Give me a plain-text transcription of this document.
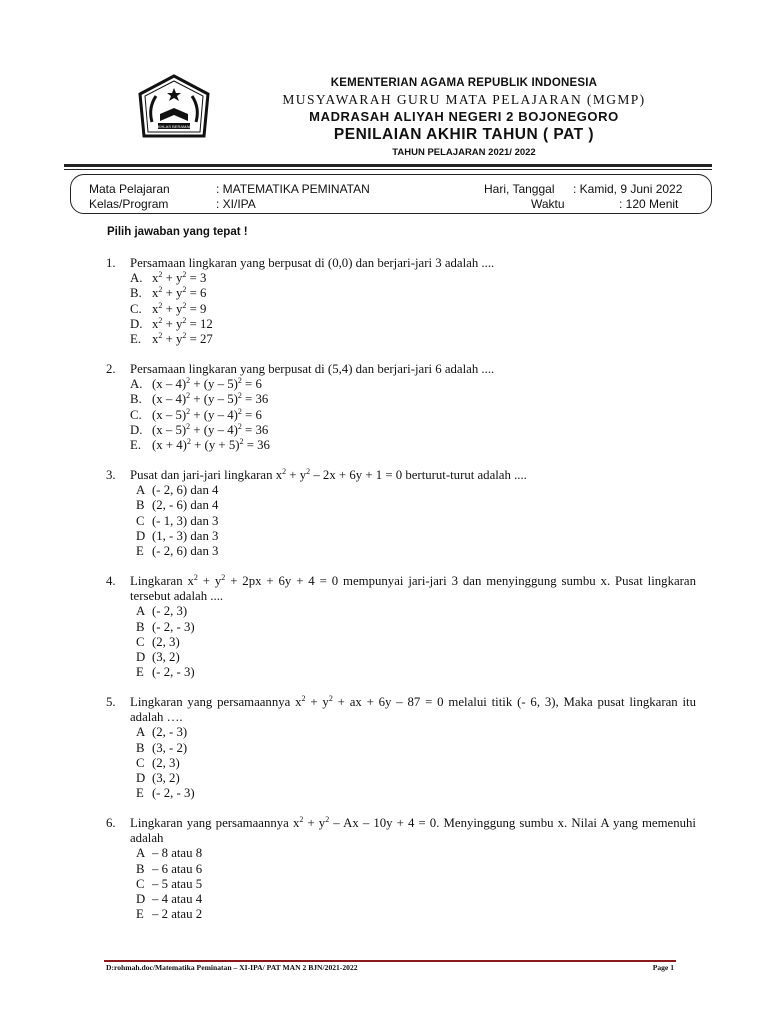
IKHLAS BERAMAL
KEMENTERIAN AGAMA REPUBLIK INDONESIA
MUSYAWARAH GURU MATA PELAJARAN (MGMP)
MADRASAH ALIYAH NEGERI 2 BOJONEGORO
PENILAIAN AKHIR TAHUN ( PAT )
TAHUN PELAJARAN 2021/ 2022
Mata Pelajaran	: MATEMATIKA PEMINATAN	Hari, Tanggal : Kamid, 9 Juni 2022
Kelas/Program	: XI/IPA	Waktu	: 120 Menit
Pilih jawaban yang tepat !
1.	Persamaan lingkaran yang berpusat di (0,0) dan berjari-jari 3 adalah ....
A. $x^2 + y^2 = 3$
B. $x^2 + y^2 = 6$
C. $x^2 + y^2 = 9$
D. $x^2 + y^2 = 12$
E. $x^2 + y^2 = 27$
2.	Persamaan lingkaran yang berpusat di (5,4) dan berjari-jari 6 adalah ....
A. (x – 4)$^2$ + (y – 5)$^2$ = 6
B. (x – 4)$^2$ + (y – 5)$^2$ = 36
C. (x – 5)$^2$ + (y – 4)$^2$ = 6
D. (x – 5)$^2$ + (y – 4)$^2$ = 36
E. $(x + 4)^2 + (y + 5)^2 = 36$
3.	Pusat dan jari-jari lingkaran $x^2 + y^2 - 2x + 6y + 1 = 0$ berturut-turut adalah ....
A (- 2, 6) dan 4
B (2, - 6) dan 4
C (- 1, 3) dan 3
D (1, - 3) dan 3
E (- 2, 6) dan 3
4.	Lingkaran $x^2 + y^2 + 2px + 6y + 4 = 0$ mempunyai jari-jari 3 dan menyinggung sumbu x. Pusat lingkaran tersebut adalah ....
A (- 2, 3)
B (- 2, - 3)
C (2, 3)
D (3, 2)
E (- 2, - 3)
5.	Lingkaran yang persamaannya $x^2 + y^2$ + ax + 6y – 87 = 0 melalui titik (- 6, 3), Maka pusat lingkaran itu adalah ….
A (2, - 3)
B (3, - 2)
C (2, 3)
D (3, 2)
E (- 2, - 3)
6.	Lingkaran yang persamaannya $x^2 + y^2 - Ax - 10y + 4 = 0$. Menyinggung sumbu x. Nilai A yang memenuhi adalah
A – 8 atau 8
B – 6 atau 6
C – 5 atau 5
D – 4 atau 4
E – 2 atau 2
D:rohmah.doc/Matematika Peminatan – XI-IPA/ PAT MAN 2 BJN/2021-2022	Page 1
